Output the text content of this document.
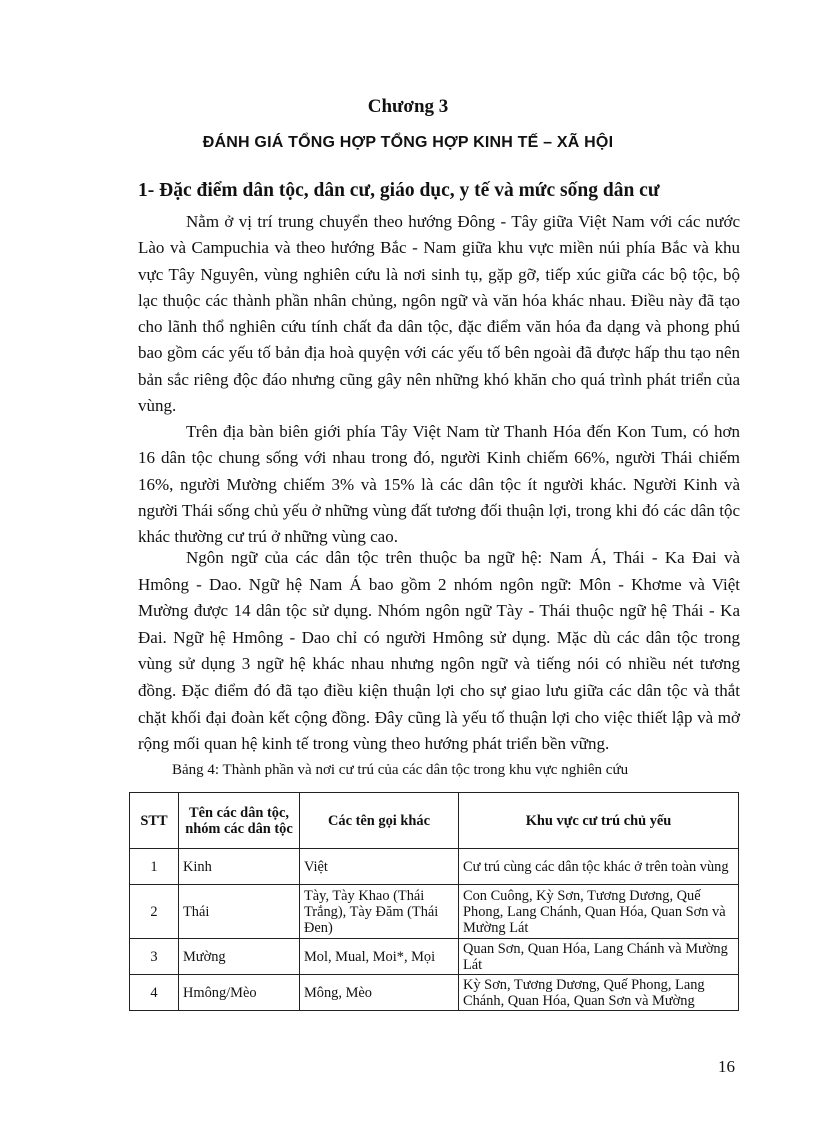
Chương 3
ĐÁNH GIÁ TỔNG HỢP TỔNG HỢP KINH TẾ – XÃ HỘI
1- Đặc điểm dân tộc, dân cư, giáo dục, y tế và mức sống dân cư

Nằm ở vị trí trung chuyển theo hướng Đông - Tây giữa Việt Nam với các nước Lào và Campuchia và theo hướng Bắc - Nam giữa khu vực miền núi phía Bắc và khu vực Tây Nguyên, vùng nghiên cứu là nơi sinh tụ, gặp gỡ, tiếp xúc giữa các bộ tộc, bộ lạc thuộc các thành phần nhân chủng, ngôn ngữ và văn hóa khác nhau. Điều này đã tạo cho lãnh thổ nghiên cứu tính chất đa dân tộc, đặc điểm văn hóa đa dạng và phong phú bao gồm các yếu tố bản địa hoà quyện với các yếu tố bên ngoài đã được hấp thu tạo nên bản sắc riêng độc đáo nhưng cũng gây nên những khó khăn cho quá trình phát triển của vùng.

Trên địa bàn biên giới phía Tây Việt Nam từ Thanh Hóa đến Kon Tum, có hơn 16 dân tộc chung sống với nhau trong đó, người Kinh chiếm 66%, người Thái chiếm 16%, người Mường chiếm 3% và 15% là các dân tộc ít người khác. Người Kinh và người Thái sống chủ yếu ở những vùng đất tương đối thuận lợi, trong khi đó các dân tộc khác thường cư trú ở những vùng cao.

Ngôn ngữ của các dân tộc trên thuộc ba ngữ hệ: Nam Á, Thái - Ka Đai và Hmông - Dao. Ngữ hệ Nam Á bao gồm 2 nhóm ngôn ngữ: Môn - Khơme và Việt Mường được 14 dân tộc sử dụng. Nhóm ngôn ngữ Tày - Thái thuộc ngữ hệ Thái - Ka Đai. Ngữ hệ Hmông - Dao chỉ có người Hmông sử dụng. Mặc dù các dân tộc trong vùng sử dụng 3 ngữ hệ khác nhau nhưng ngôn ngữ và tiếng nói có nhiều nét tương đồng. Đặc điểm đó đã tạo điều kiện thuận lợi cho sự giao lưu giữa các dân tộc và thắt chặt khối đại đoàn kết cộng đồng. Đây cũng là yếu tố thuận lợi cho việc thiết lập và mở rộng mối quan hệ kinh tế trong vùng theo hướng phát triển bền vững.

Bảng 4: Thành phần và nơi cư trú của các dân tộc trong khu vực nghiên cứu
STT	Tên các dân tộc, nhóm các dân tộc	Các tên gọi khác	Khu vực cư trú chủ yếu
1	Kinh	Việt	Cư trú cùng các dân tộc khác ở trên toàn vùng
2	Thái	Tày, Tày Khao (Thái Trắng), Tày Đăm (Thái Đen)	Con Cuông, Kỳ Sơn, Tương Dương, Quế Phong, Lang Chánh, Quan Hóa, Quan Sơn và Mường Lát
3	Mường	Mol, Mual, Moi*, Mọi	Quan Sơn, Quan Hóa, Lang Chánh và Mường Lát
4	Hmông/Mèo	Mông, Mèo	Kỳ Sơn, Tương Dương, Quế Phong, Lang Chánh, Quan Hóa, Quan Sơn và Mường
16
